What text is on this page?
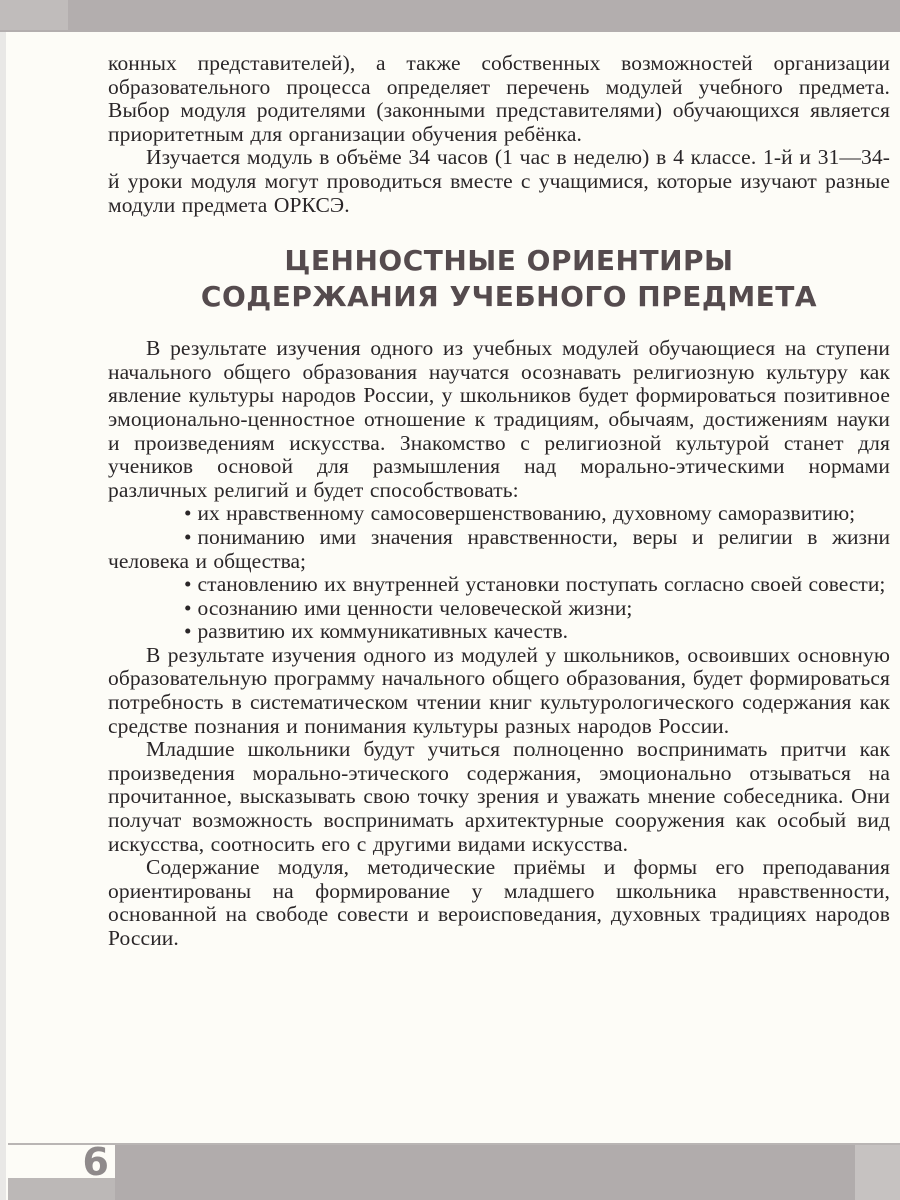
конных представителей), а также собственных возможностей организации образовательного процесса определяет перечень модулей учебного предмета. Выбор модуля родителями (законными представителями) обучающихся является приоритетным для организации обучения ребёнка.

Изучается модуль в объёме 34 часов (1 час в неделю) в 4 классе. 1-й и 31—34-й уроки модуля могут проводиться вместе с учащимися, которые изучают разные модули предмета ОРКСЭ.

ЦЕННОСТНЫЕ ОРИЕНТИРЫ
СОДЕРЖАНИЯ УЧЕБНОГО ПРЕДМЕТА

В результате изучения одного из учебных модулей обучающиеся на ступени начального общего образования научатся осознавать религиозную культуру как явление культуры народов России, у школьников будет формироваться позитивное эмоционально-ценностное отношение к традициям, обычаям, достижениям науки и произведениям искусства. Знакомство с религиозной культурой станет для учеников основой для размышления над морально-этическими нормами различных религий и будет способствовать:

• их нравственному самосовершенствованию, духовному саморазвитию;

• пониманию ими значения нравственности, веры и религии в жизни человека и общества;

• становлению их внутренней установки поступать согласно своей совести;

• осознанию ими ценности человеческой жизни;

• развитию их коммуникативных качеств.

В результате изучения одного из модулей у школьников, освоивших основную образовательную программу начального общего образования, будет формироваться потребность в систематическом чтении книг культурологического содержания как средстве познания и понимания культуры разных народов России.

Младшие школьники будут учиться полноценно воспринимать притчи как произведения морально-этического содержания, эмоционально отзываться на прочитанное, высказывать свою точку зрения и уважать мнение собеседника. Они получат возможность воспринимать архитектурные сооружения как особый вид искусства, соотносить его с другими видами искусства.

Содержание модуля, методические приёмы и формы его преподавания ориентированы на формирование у младшего школьника нравственности, основанной на свободе совести и вероисповедания, духовных традициях народов России.

6
